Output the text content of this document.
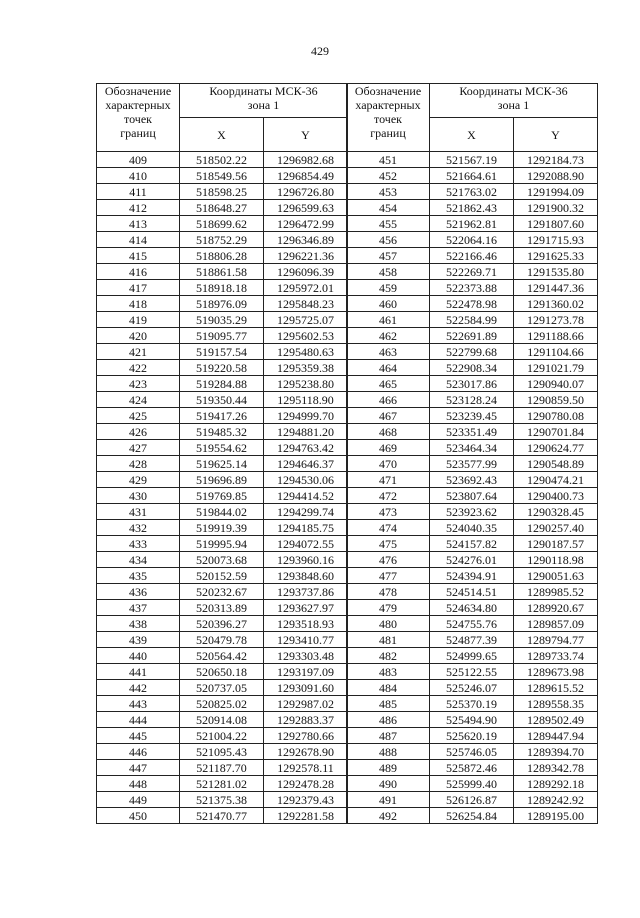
429
Обозначение
характерных
точек
границ	Координаты МСК-36
зона 1	

	X	Y
409	518502.22	1296982.68
410	518549.56	1296854.49
411	518598.25	1296726.80
412	518648.27	1296599.63
413	518699.62	1296472.99
414	518752.29	1296346.89
415	518806.28	1296221.36
416	518861.58	1296096.39
417	518918.18	1295972.01
418	518976.09	1295848.23
419	519035.29	1295725.07
420	519095.77	1295602.53
421	519157.54	1295480.63
422	519220.58	1295359.38
423	519284.88	1295238.80
424	519350.44	1295118.90
425	519417.26	1294999.70
426	519485.32	1294881.20
427	519554.62	1294763.42
428	519625.14	1294646.37
429	519696.89	1294530.06
430	519769.85	1294414.52
431	519844.02	1294299.74
432	519919.39	1294185.75
433	519995.94	1294072.55
434	520073.68	1293960.16
435	520152.59	1293848.60
436	520232.67	1293737.86
437	520313.89	1293627.97
438	520396.27	1293518.93
439	520479.78	1293410.77
440	520564.42	1293303.48
441	520650.18	1293197.09
442	520737.05	1293091.60
443	520825.02	1292987.02
444	520914.08	1292883.37
445	521004.22	1292780.66
446	521095.43	1292678.90
447	521187.70	1292578.11
448	521281.02	1292478.28
449	521375.38	1292379.43
450	521470.77	1292281.58
Обозначение
характерных
точек
границ	Координаты МСК-36
зона 1	

	X	Y
451	521567.19	1292184.73
452	521664.61	1292088.90
453	521763.02	1291994.09
454	521862.43	1291900.32
455	521962.81	1291807.60
456	522064.16	1291715.93
457	522166.46	1291625.33
458	522269.71	1291535.80
459	522373.88	1291447.36
460	522478.98	1291360.02
461	522584.99	1291273.78
462	522691.89	1291188.66
463	522799.68	1291104.66
464	522908.34	1291021.79
465	523017.86	1290940.07
466	523128.24	1290859.50
467	523239.45	1290780.08
468	523351.49	1290701.84
469	523464.34	1290624.77
470	523577.99	1290548.89
471	523692.43	1290474.21
472	523807.64	1290400.73
473	523923.62	1290328.45
474	524040.35	1290257.40
475	524157.82	1290187.57
476	524276.01	1290118.98
477	524394.91	1290051.63
478	524514.51	1289985.52
479	524634.80	1289920.67
480	524755.76	1289857.09
481	524877.39	1289794.77
482	524999.65	1289733.74
483	525122.55	1289673.98
484	525246.07	1289615.52
485	525370.19	1289558.35
486	525494.90	1289502.49
487	525620.19	1289447.94
488	525746.05	1289394.70
489	525872.46	1289342.78
490	525999.40	1289292.18
491	526126.87	1289242.92
492	526254.84	1289195.00
